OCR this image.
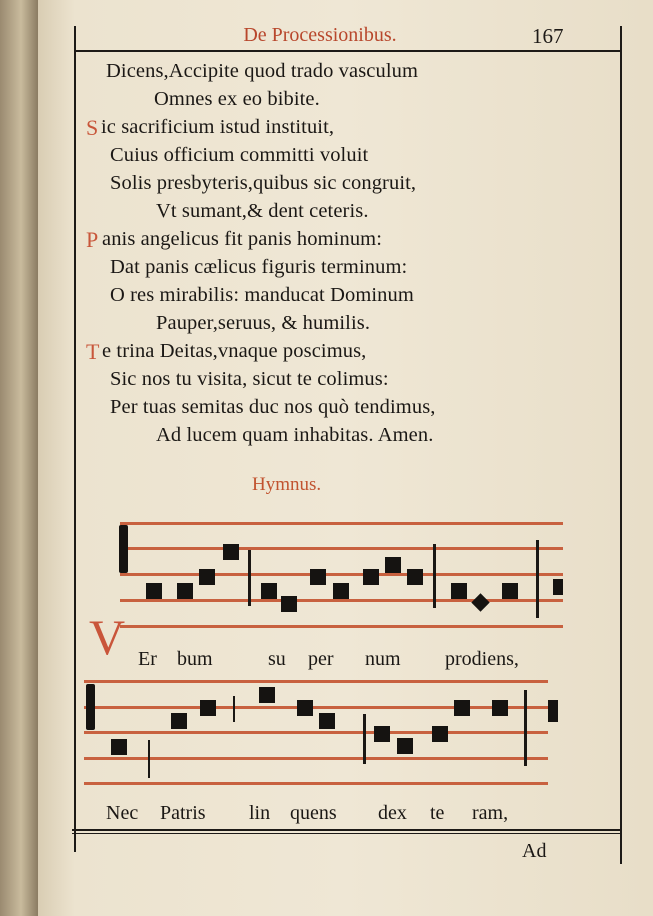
De Processionibus.	167
Dicens,Accipite quod trado vasculum
Omnes ex eo bibite.
S ic sacrificium istud instituit,
Cuius officium committi voluit
Solis presbyteris,quibus sic congruit,
Vt sumant,& dent ceteris.
P anis angelicus fit panis hominum:
Dat panis cælicus figuris terminum:
O res mirabilis: manducat Dominum
Pauper,seruus, & humilis.
T e trina Deitas,vnaque poscimus,
Sic nos tu visita, sicut te colimus:
Per tuas semitas duc nos quò tendimus,
Ad lucem quam inhabitas. Amen.
Hymnus.
V Er bum	su per num prodiens,
Nec Patris lin quens dex te ram,
Ad
